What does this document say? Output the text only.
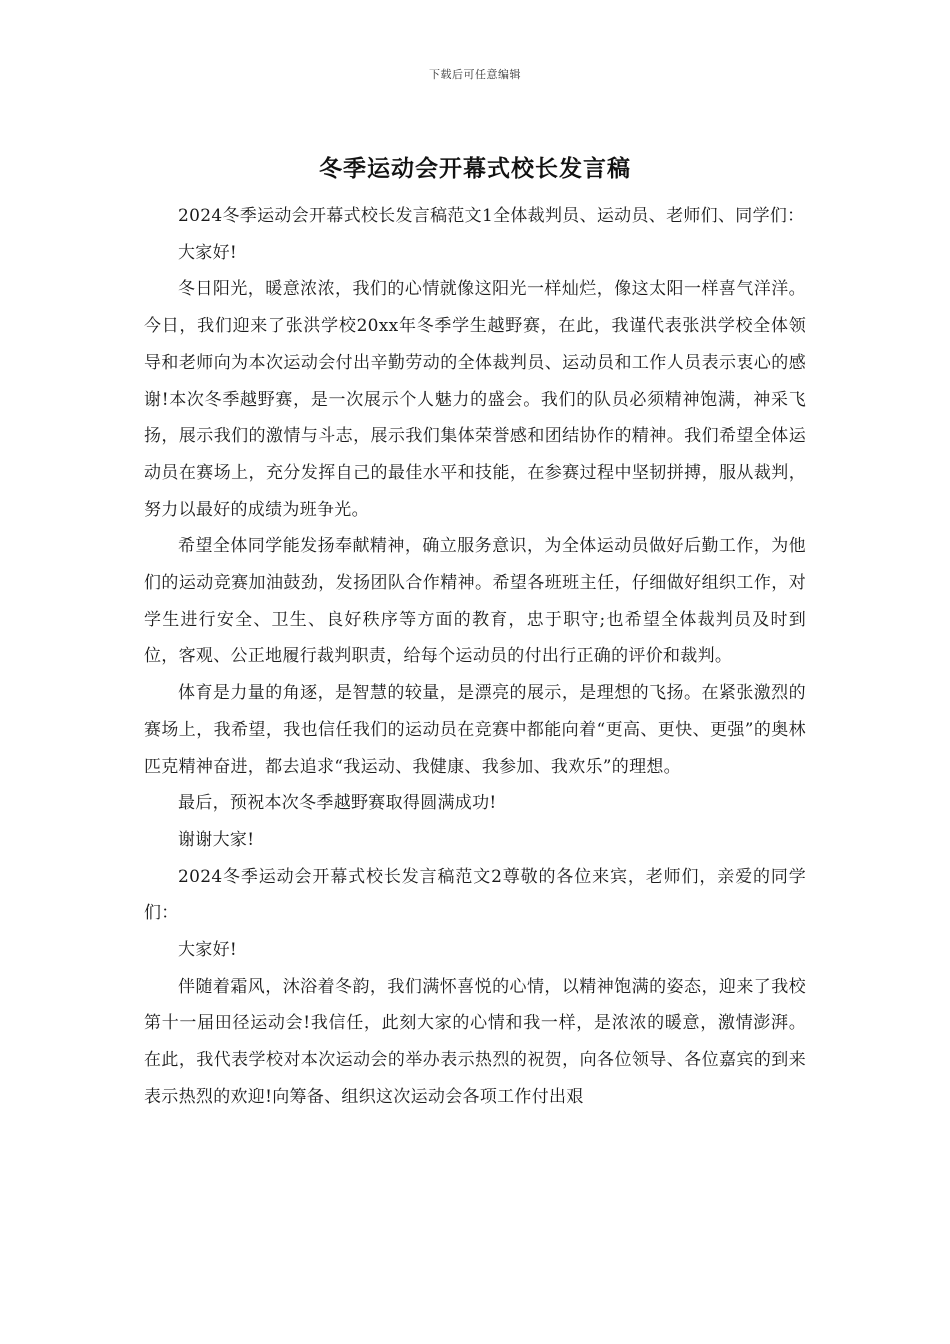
下载后可任意编辑
冬季运动会开幕式校长发言稿

2024冬季运动会开幕式校长发言稿范文1全体裁判员、运动员、老师们、同学们：

大家好!

冬日阳光，暖意浓浓，我们的心情就像这阳光一样灿烂，像这太阳一样喜气洋洋。今日，我们迎来了张洪学校20xx年冬季学生越野赛，在此，我谨代表张洪学校全体领导和老师向为本次运动会付出辛勤劳动的全体裁判员、运动员和工作人员表示衷心的感谢!本次冬季越野赛，是一次展示个人魅力的盛会。我们的队员必须精神饱满，神采飞扬，展示我们的激情与斗志，展示我们集体荣誉感和团结协作的精神。我们希望全体运动员在赛场上，充分发挥自己的最佳水平和技能，在参赛过程中坚韧拼搏，服从裁判，努力以最好的成绩为班争光。

希望全体同学能发扬奉献精神，确立服务意识，为全体运动员做好后勤工作，为他们的运动竞赛加油鼓劲，发扬团队合作精神。希望各班班主任，仔细做好组织工作，对学生进行安全、卫生、良好秩序等方面的教育，忠于职守;也希望全体裁判员及时到位，客观、公正地履行裁判职责，给每个运动员的付出行正确的评价和裁判。

体育是力量的角逐，是智慧的较量，是漂亮的展示，是理想的飞扬。在紧张激烈的赛场上，我希望，我也信任我们的运动员在竞赛中都能向着“更高、更快、更强”的奥林匹克精神奋进，都去追求“我运动、我健康、我参加、我欢乐”的理想。

最后，预祝本次冬季越野赛取得圆满成功!

谢谢大家!

2024冬季运动会开幕式校长发言稿范文2尊敬的各位来宾，老师们，亲爱的同学们：

大家好!

伴随着霜风，沐浴着冬韵，我们满怀喜悦的心情，以精神饱满的姿态，迎来了我校第十一届田径运动会!我信任，此刻大家的心情和我一样，是浓浓的暖意，激情澎湃。在此，我代表学校对本次运动会的举办表示热烈的祝贺，向各位领导、各位嘉宾的到来表示热烈的欢迎!向筹备、组织这次运动会各项工作付出艰
